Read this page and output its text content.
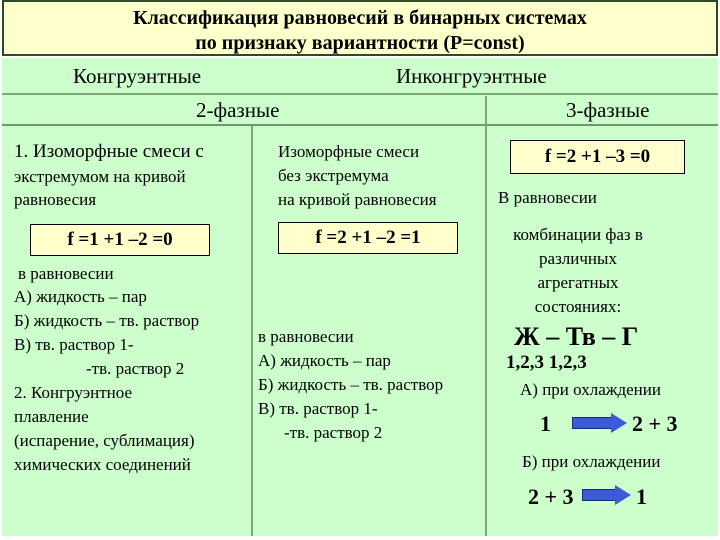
Классификация равновесий в бинарных системах
по признаку вариантности (P=const)
Конгруэнтные	Инконгруэнтные
2-фазные	3-фазные
1. Изоморфные смеси с
экстремумом на кривой
равновесия
f =1 +1 –2 =0
в равновесии
А) жидкость – пар
Б) жидкость – тв. раствор
В) тв. раствор 1-
-тв. раствор 2
2. Конгруэнтное
плавление
(испарение, сублимация)
химических соединений
Изоморфные смеси
без экстремума
на кривой равновесия
f =2 +1 –2 =1
в равновесии
А) жидкость – пар
Б) жидкость – тв. раствор
В) тв. раствор 1-
-тв. раствор 2
f =2 +1 –3 =0
В равновесии
комбинации фаз в
различных
агрегатных
состояниях:
Ж – Тв – Г
1,2,3 1,2,3
А) при охлаждении
1	2 + 3
Б) при охлаждении
2 + 3	1
